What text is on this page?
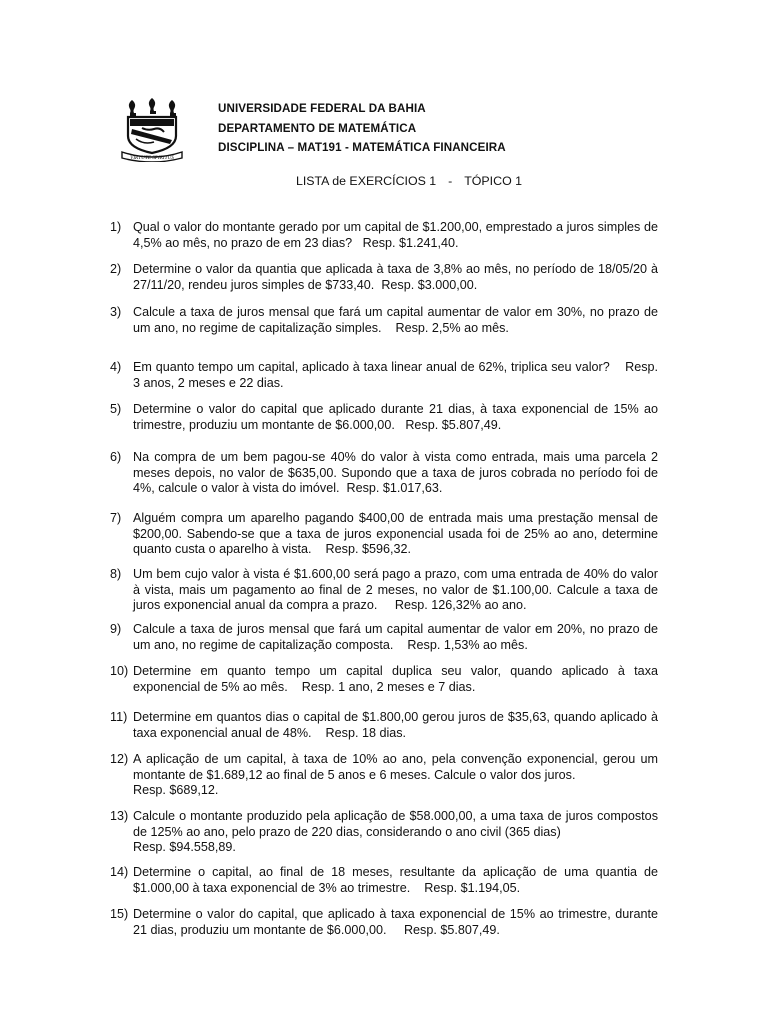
VIRTUTE SPIRITUS
UNIVERSIDADE FEDERAL DA BAHIA
DEPARTAMENTO DE MATEMÁTICA
DISCIPLINA – MAT191 - MATEMÁTICA FINANCEIRA
LISTA de EXERCÍCIOS 1 - TÓPICO 1
1) Qual o valor do montante gerado por um capital de $1.200,00, emprestado a juros simples de 4,5% ao mês, no prazo de em 23 dias? Resp. $1.241,40.
2) Determine o valor da quantia que aplicada à taxa de 3,8% ao mês, no período de 18/05/20 à 27/11/20, rendeu juros simples de $733,40. Resp. $3.000,00.
3) Calcule a taxa de juros mensal que fará um capital aumentar de valor em 30%, no prazo de um ano, no regime de capitalização simples. Resp. 2,5% ao mês.
4) Em quanto tempo um capital, aplicado à taxa linear anual de 62%, triplica seu valor? Resp. 3 anos, 2 meses e 22 dias.
5) Determine o valor do capital que aplicado durante 21 dias, à taxa exponencial de 15% ao trimestre, produziu um montante de $6.000,00. Resp. $5.807,49.
6) Na compra de um bem pagou-se 40% do valor à vista como entrada, mais uma parcela 2 meses depois, no valor de $635,00. Supondo que a taxa de juros cobrada no período foi de 4%, calcule o valor à vista do imóvel. Resp. $1.017,63.
7) Alguém compra um aparelho pagando $400,00 de entrada mais uma prestação mensal de $200,00. Sabendo-se que a taxa de juros exponencial usada foi de 25% ao ano, determine quanto custa o aparelho à vista. Resp. $596,32.
8) Um bem cujo valor à vista é $1.600,00 será pago a prazo, com uma entrada de 40% do valor à vista, mais um pagamento ao final de 2 meses, no valor de $1.100,00. Calcule a taxa de juros exponencial anual da compra a prazo. Resp. 126,32% ao ano.
9) Calcule a taxa de juros mensal que fará um capital aumentar de valor em 20%, no prazo de um ano, no regime de capitalização composta. Resp. 1,53% ao mês.
10) Determine em quanto tempo um capital duplica seu valor, quando aplicado à taxa exponencial de 5% ao mês. Resp. 1 ano, 2 meses e 7 dias.
11) Determine em quantos dias o capital de $1.800,00 gerou juros de $35,63, quando aplicado à taxa exponencial anual de 48%. Resp. 18 dias.
12) A aplicação de um capital, à taxa de 10% ao ano, pela convenção exponencial, gerou um montante de $1.689,12 ao final de 5 anos e 6 meses. Calcule o valor dos juros.
Resp. $689,12.
13) Calcule o montante produzido pela aplicação de $58.000,00, a uma taxa de juros compostos de 125% ao ano, pelo prazo de 220 dias, considerando o ano civil (365 dias)
Resp. $94.558,89.
14) Determine o capital, ao final de 18 meses, resultante da aplicação de uma quantia de $1.000,00 à taxa exponencial de 3% ao trimestre. Resp. $1.194,05.
15) Determine o valor do capital, que aplicado à taxa exponencial de 15% ao trimestre, durante 21 dias, produziu um montante de $6.000,00. Resp. $5.807,49.
